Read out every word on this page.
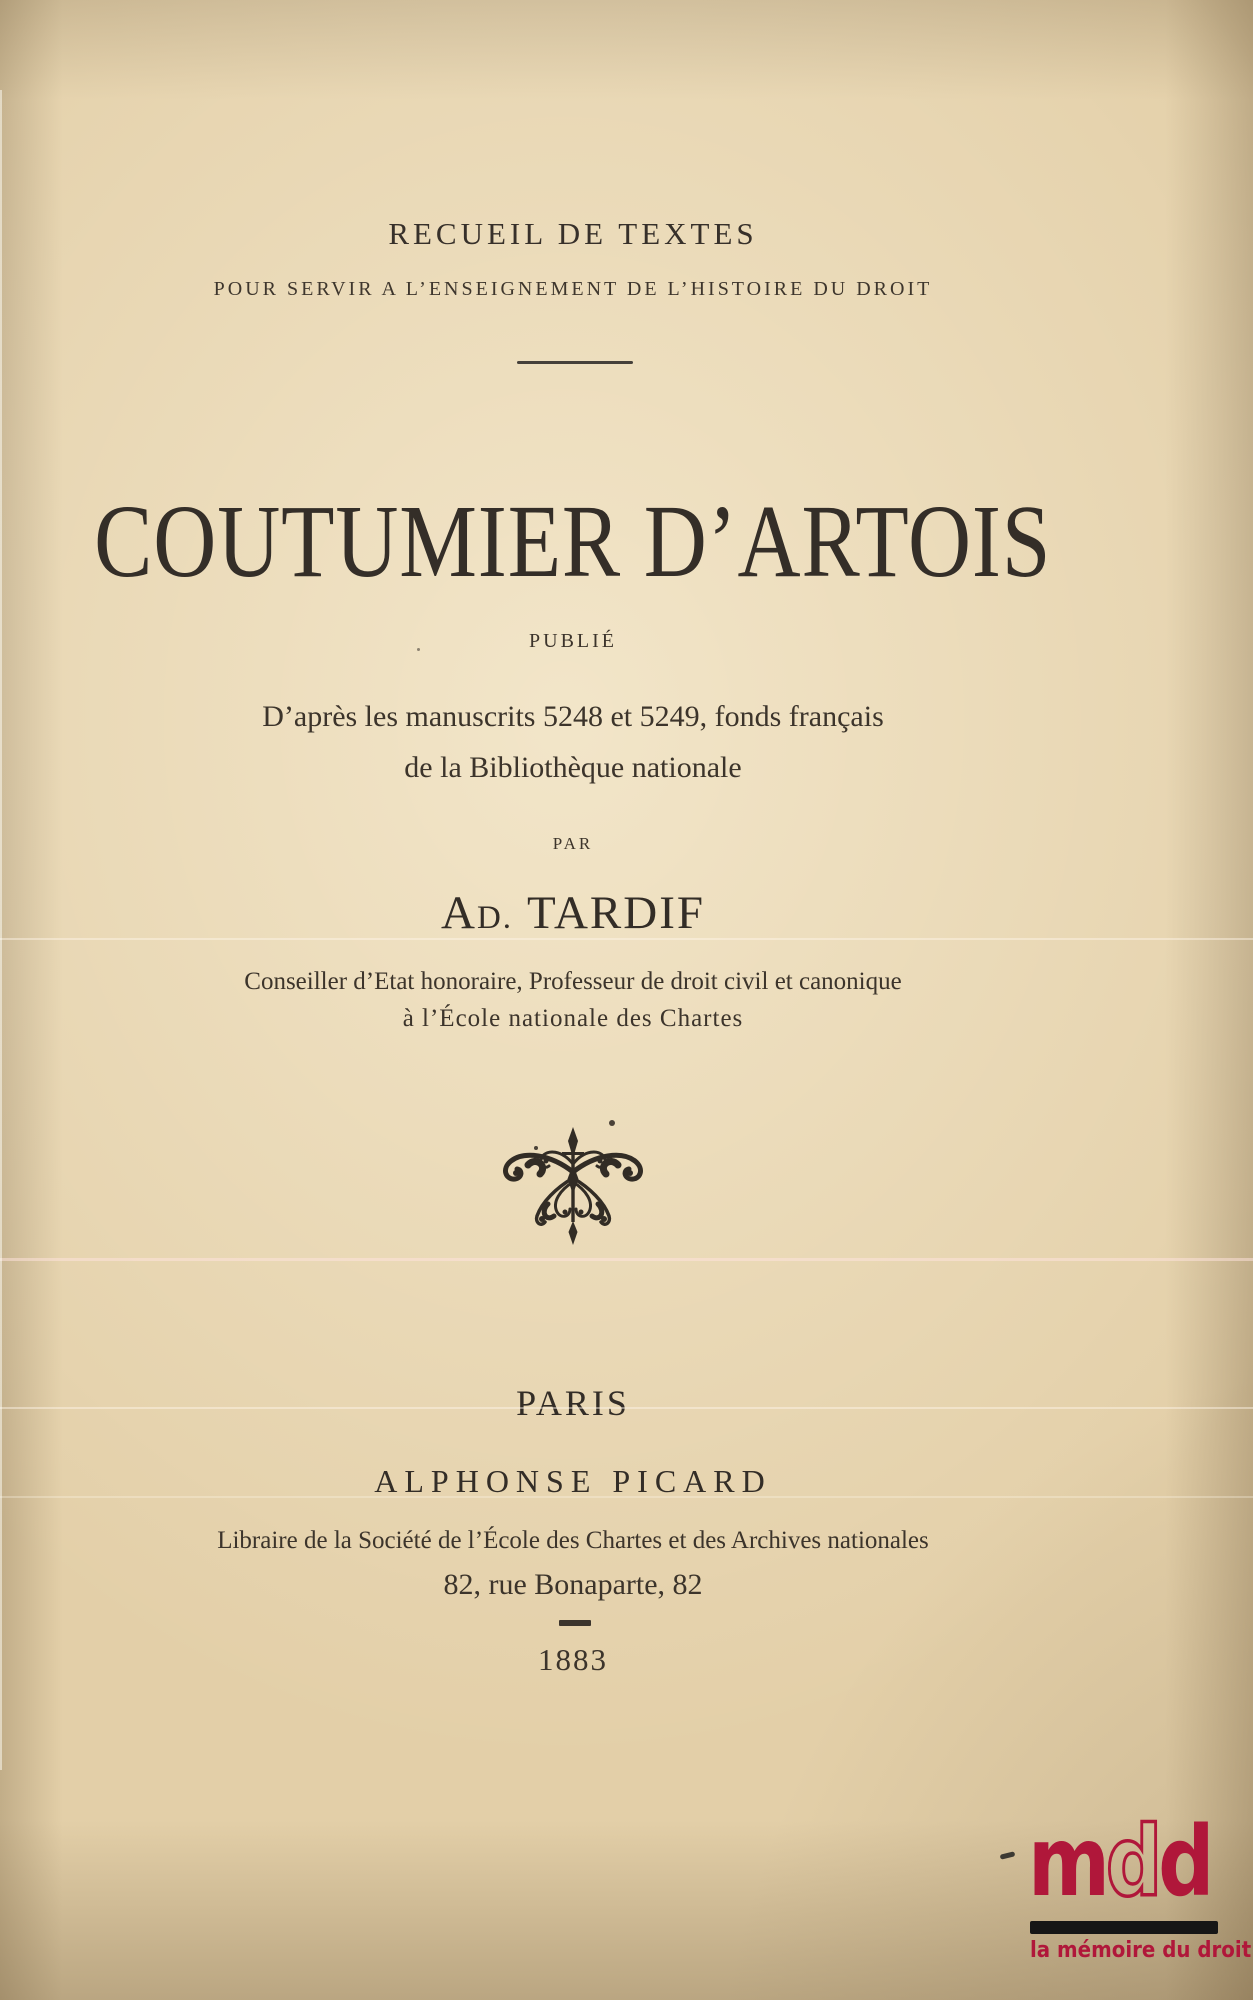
RECUEIL DE TEXTES
POUR SERVIR A L’ENSEIGNEMENT DE L’HISTOIRE DU DROIT
COUTUMIER D’ARTOIS
PUBLIÉ
D’après les manuscrits 5248 et 5249, fonds français
de la Bibliothèque nationale
PAR
AD. TARDIF
Conseiller d’Etat honoraire, Professeur de droit civil et canonique
à l’École nationale des Chartes
PARIS
ALPHONSE PICARD
Libraire de la Société de l’École des Chartes et des Archives nationales
82, rue Bonaparte, 82
1883
mdd
la mémoire du droit
